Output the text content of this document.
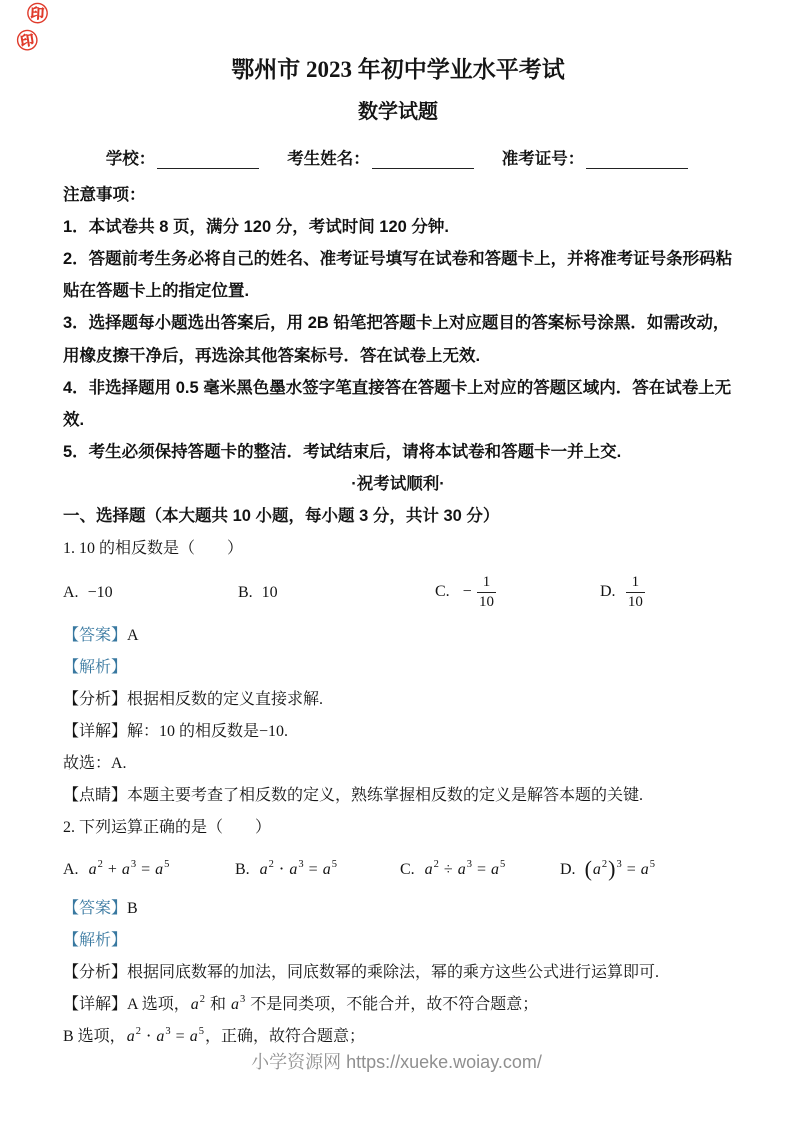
㊞
㊞
鄂州市 2023 年初中学业水平考试
数学试题
学校：	考生姓名：	准考证号：

注意事项：

1．本试卷共 8 页，满分 120 分，考试时间 120 分钟.

2．答题前考生务必将自己的姓名、准考证号填写在试卷和答题卡上，并将准考证号条形码粘贴在答题卡上的指定位置.

3．选择题每小题选出答案后，用 2B 铅笔把答题卡上对应题目的答案标号涂黑．如需改动，用橡皮擦干净后，再选涂其他答案标号．答在试卷上无效.

4．非选择题用 0.5 毫米黑色墨水签字笔直接答在答题卡上对应的答题区域内．答在试卷上无效.

5．考生必须保持答题卡的整洁．考试结束后，请将本试卷和答题卡一并上交.

·祝考试顺利·

一、选择题（本大题共 10 小题，每小题 3 分，共计 30 分）

1. 10 的相反数是（　　）

A. −10	B. 10	C. − $\frac{1}{10}$	D. $\frac{1}{10}$

【答案】A

【解析】

【分析】根据相反数的定义直接求解.

【详解】解：10 的相反数是−10.

故选：A.

【点睛】本题主要考查了相反数的定义，熟练掌握相反数的定义是解答本题的关键.

2. 下列运算正确的是（　　）

A. $a^2 + a^3 = a^5$	B. $a^2 \cdot a^3 = a^5$	C. $a^2 \div a^3 = a^5$	D. $(a^2)^3 = a^5$

【答案】B

【解析】

【分析】根据同底数幂的加法，同底数幂的乘除法，幂的乘方这些公式进行运算即可.

【详解】A 选项，$a^2$ 和 $a^3$ 不是同类项，不能合并，故不符合题意；

B 选项，$a^2 \cdot a^3 = a^5$，正确，故符合题意；

小学资源网 https://xueke.woiay.com/
